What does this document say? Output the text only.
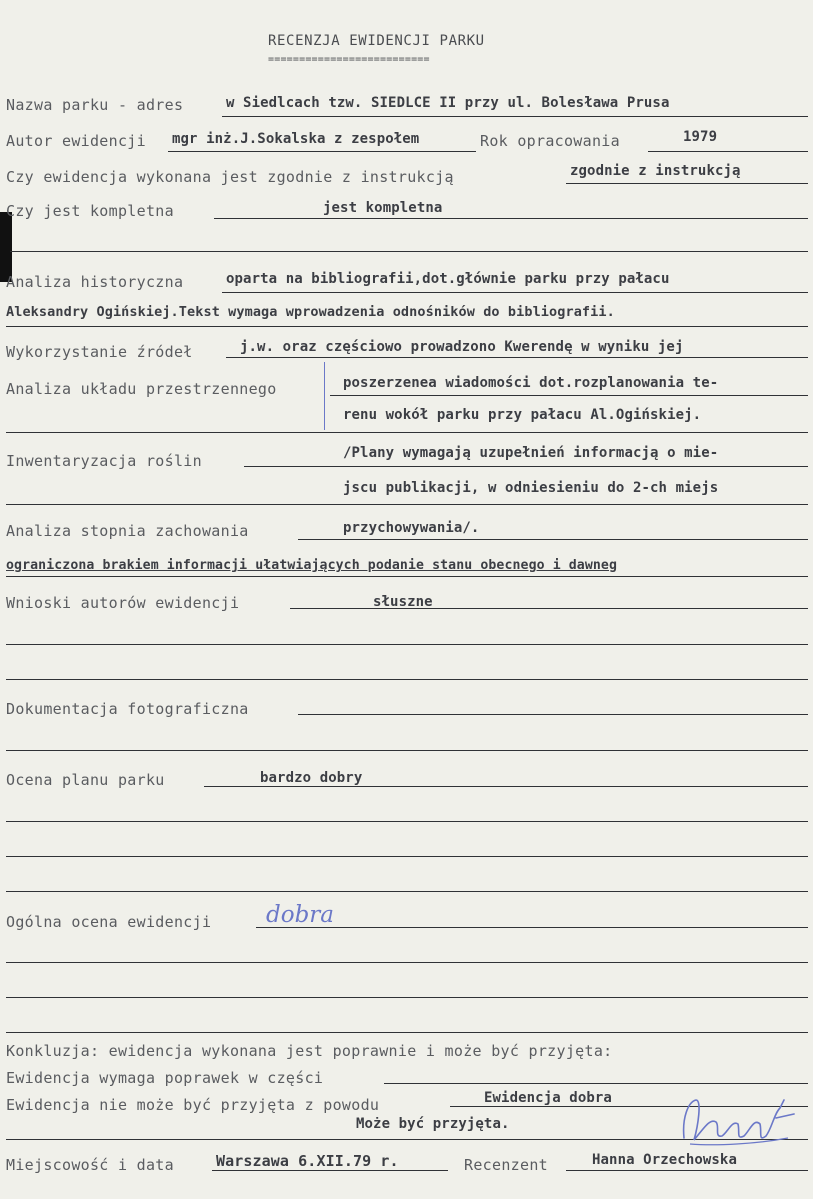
RECENZJA EWIDENCJI PARKU
==========================
Nazwa parku - adres	w Siedlcach tzw. SIEDLCE II przy ul. Bolesława Prusa
Autor ewidencji mgr inż.J.Sokalska z zespołem	Rok opracowania	1979
Czy ewidencja wykonana jest zgodnie z instrukcją	zgodnie z instrukcją
Czy jest kompletna	jest kompletna
Analiza historyczna	oparta na bibliografii,dot.głównie parku przy pałacu
Aleksandry Ogińskiej.Tekst wymaga wprowadzenia odnośników do bibliografii.
Wykorzystanie źródeł	j.w. oraz częściowo prowadzono Kwerendę w wyniku jej
Analiza układu przestrzennego	poszerzenea wiadomości dot.rozplanowania te-
renu wokół parku przy pałacu Al.Ogińskiej.
Inwentaryzacja roślin	/Plany wymagają uzupełnień informacją o mie-
jscu publikacji, w odniesieniu do 2-ch miejs
Analiza stopnia zachowania	przychowywania/.
ograniczona brakiem informacji ułatwiających podanie stanu obecnego i dawneg
Wnioski autorów ewidencji	słuszne
Dokumentacja fotograficzna
Ocena planu parku	bardzo dobry
Ogólna ocena ewidencji dobra
Konkluzja: ewidencja wykonana jest poprawnie i może być przyjęta:
Ewidencja wymaga poprawek w części
Ewidencja nie może być przyjęta z powodu	Ewidencja dobra
Może być przyjęta.
Miejscowość i data	Warszawa 6.XII.79 r.	Recenzent	Hanna Orzechowska
